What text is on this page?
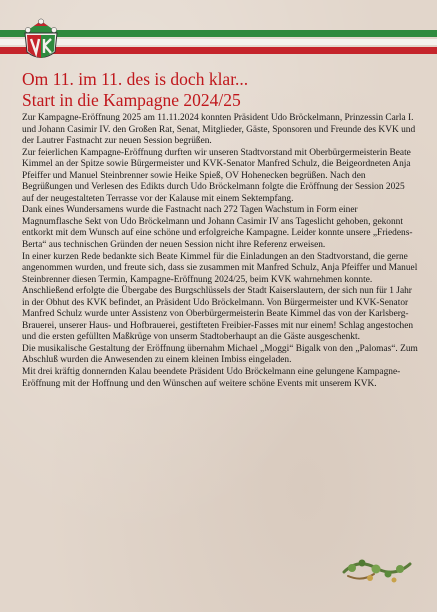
Om 11. im 11. des is doch klar...
Start in die Kampagne 2024/25

Zur Kampagne-Eröffnung 2025 am 11.11.2024 konnten Präsident Udo Bröckelmann, Prinzessin Carla I. und Johann Casimir IV. den Großen Rat, Senat, Mitglieder, Gäste, Sponsoren und Freunde des KVK und der Lautrer Fastnacht zur neuen Session begrüßen.

Zur feierlichen Kampagne-Eröffnung durften wir unseren Stadtvorstand mit Oberbürgermeisterin Beate Kimmel an der Spitze sowie Bürgermeister und KVK-Senator Manfred Schulz, die Beigeordneten Anja Pfeiffer und Manuel Steinbrenner sowie Heike Spieß, OV Hohenecken begrüßen. Nach den Begrüßungen und Verlesen des Edikts durch Udo Bröckelmann folgte die Eröffnung der Session 2025 auf der neugestalteten Terrasse vor der Kalause mit einem Sektempfang.

Dank eines Wundersamens wurde die Fastnacht nach 272 Tagen Wachstum in Form einer Magnumflasche Sekt von Udo Bröckelmann und Johann Casimir IV ans Tageslicht gehoben, gekonnt entkorkt mit dem Wunsch auf eine schöne und erfolgreiche Kampagne. Leider konnte unsere „Friedens-Berta“ aus technischen Gründen der neuen Session nicht ihre Referenz erweisen.

In einer kurzen Rede bedankte sich Beate Kimmel für die Einladungen an den Stadtvorstand, die gerne angenommen wurden, und freute sich, dass sie zusammen mit Manfred Schulz, Anja Pfeiffer und Manuel Steinbrenner diesen Termin, Kampagne-Eröffnung 2024/25, beim KVK wahrnehmen konnte.

Anschließend erfolgte die Übergabe des Burgschlüssels der Stadt Kaiserslautern, der sich nun für 1 Jahr in der Obhut des KVK befindet, an Präsident Udo Bröckelmann. Von Bürgermeister und KVK-Senator Manfred Schulz wurde unter Assistenz von Oberbürgermeisterin Beate Kimmel das von der Karlsberg-Brauerei, unserer Haus- und Hofbrauerei, gestifteten Freibier-Fasses mit nur einem! Schlag angestochen und die ersten gefüllten Maßkrüge von unserm Stadtoberhaupt an die Gäste ausgeschenkt.

Die musikalische Gestaltung der Eröffnung übernahm Michael „Moggi“ Bigalk von den „Palomas“. Zum Abschluß wurden die Anwesenden zu einem kleinen Imbiss eingeladen.

Mit drei kräftig donnernden Kalau beendete Präsident Udo Bröckelmann eine gelungene Kampagne-Eröffnung mit der Hoffnung und den Wünschen auf weitere schöne Events mit unserem KVK.
